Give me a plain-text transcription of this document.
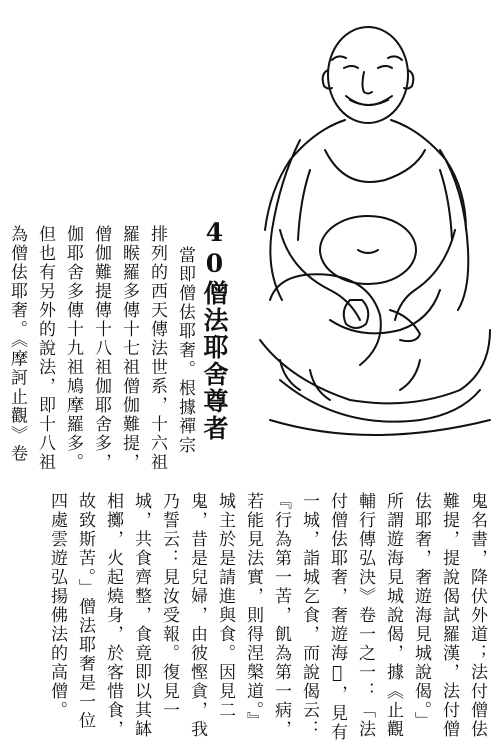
40僧法耶舍尊者
當即僧佉耶奢。根據禪宗
排列的西天傳法世系，十六祖
羅睺羅多傳十七祖僧伽難提，
僧伽難提傳十八祖伽耶舍多，
伽耶舍多傳十九祖鳩摩羅多。
但也有另外的說法，即十八祖
為僧佉耶奢。《摩訶止觀》卷
鬼名書，降伏外道；法付僧佉
難提，提說偈試羅漢，法付僧
佉耶奢，奢遊海見城說偈。」
所謂遊海見城說偈，據《止觀
輔行傳弘決》卷一之一：「法
付僧佉耶奢，奢遊海𩃽，見有
一城，詣城乞食，而說偈云：
『行為第一苦，飢為第一病，
若能見法實，則得涅槃道。』
城主於是請進與食。因見二
鬼，昔是兒婦，由彼慳貪，我
乃誓云：見汝受報。復見一
城，共食齊整，食竟即以其缽
相擲，火起燒身，於客惜食，
故致斯苦。」僧法耶奢是一位
四處雲遊弘揚佛法的高僧。
